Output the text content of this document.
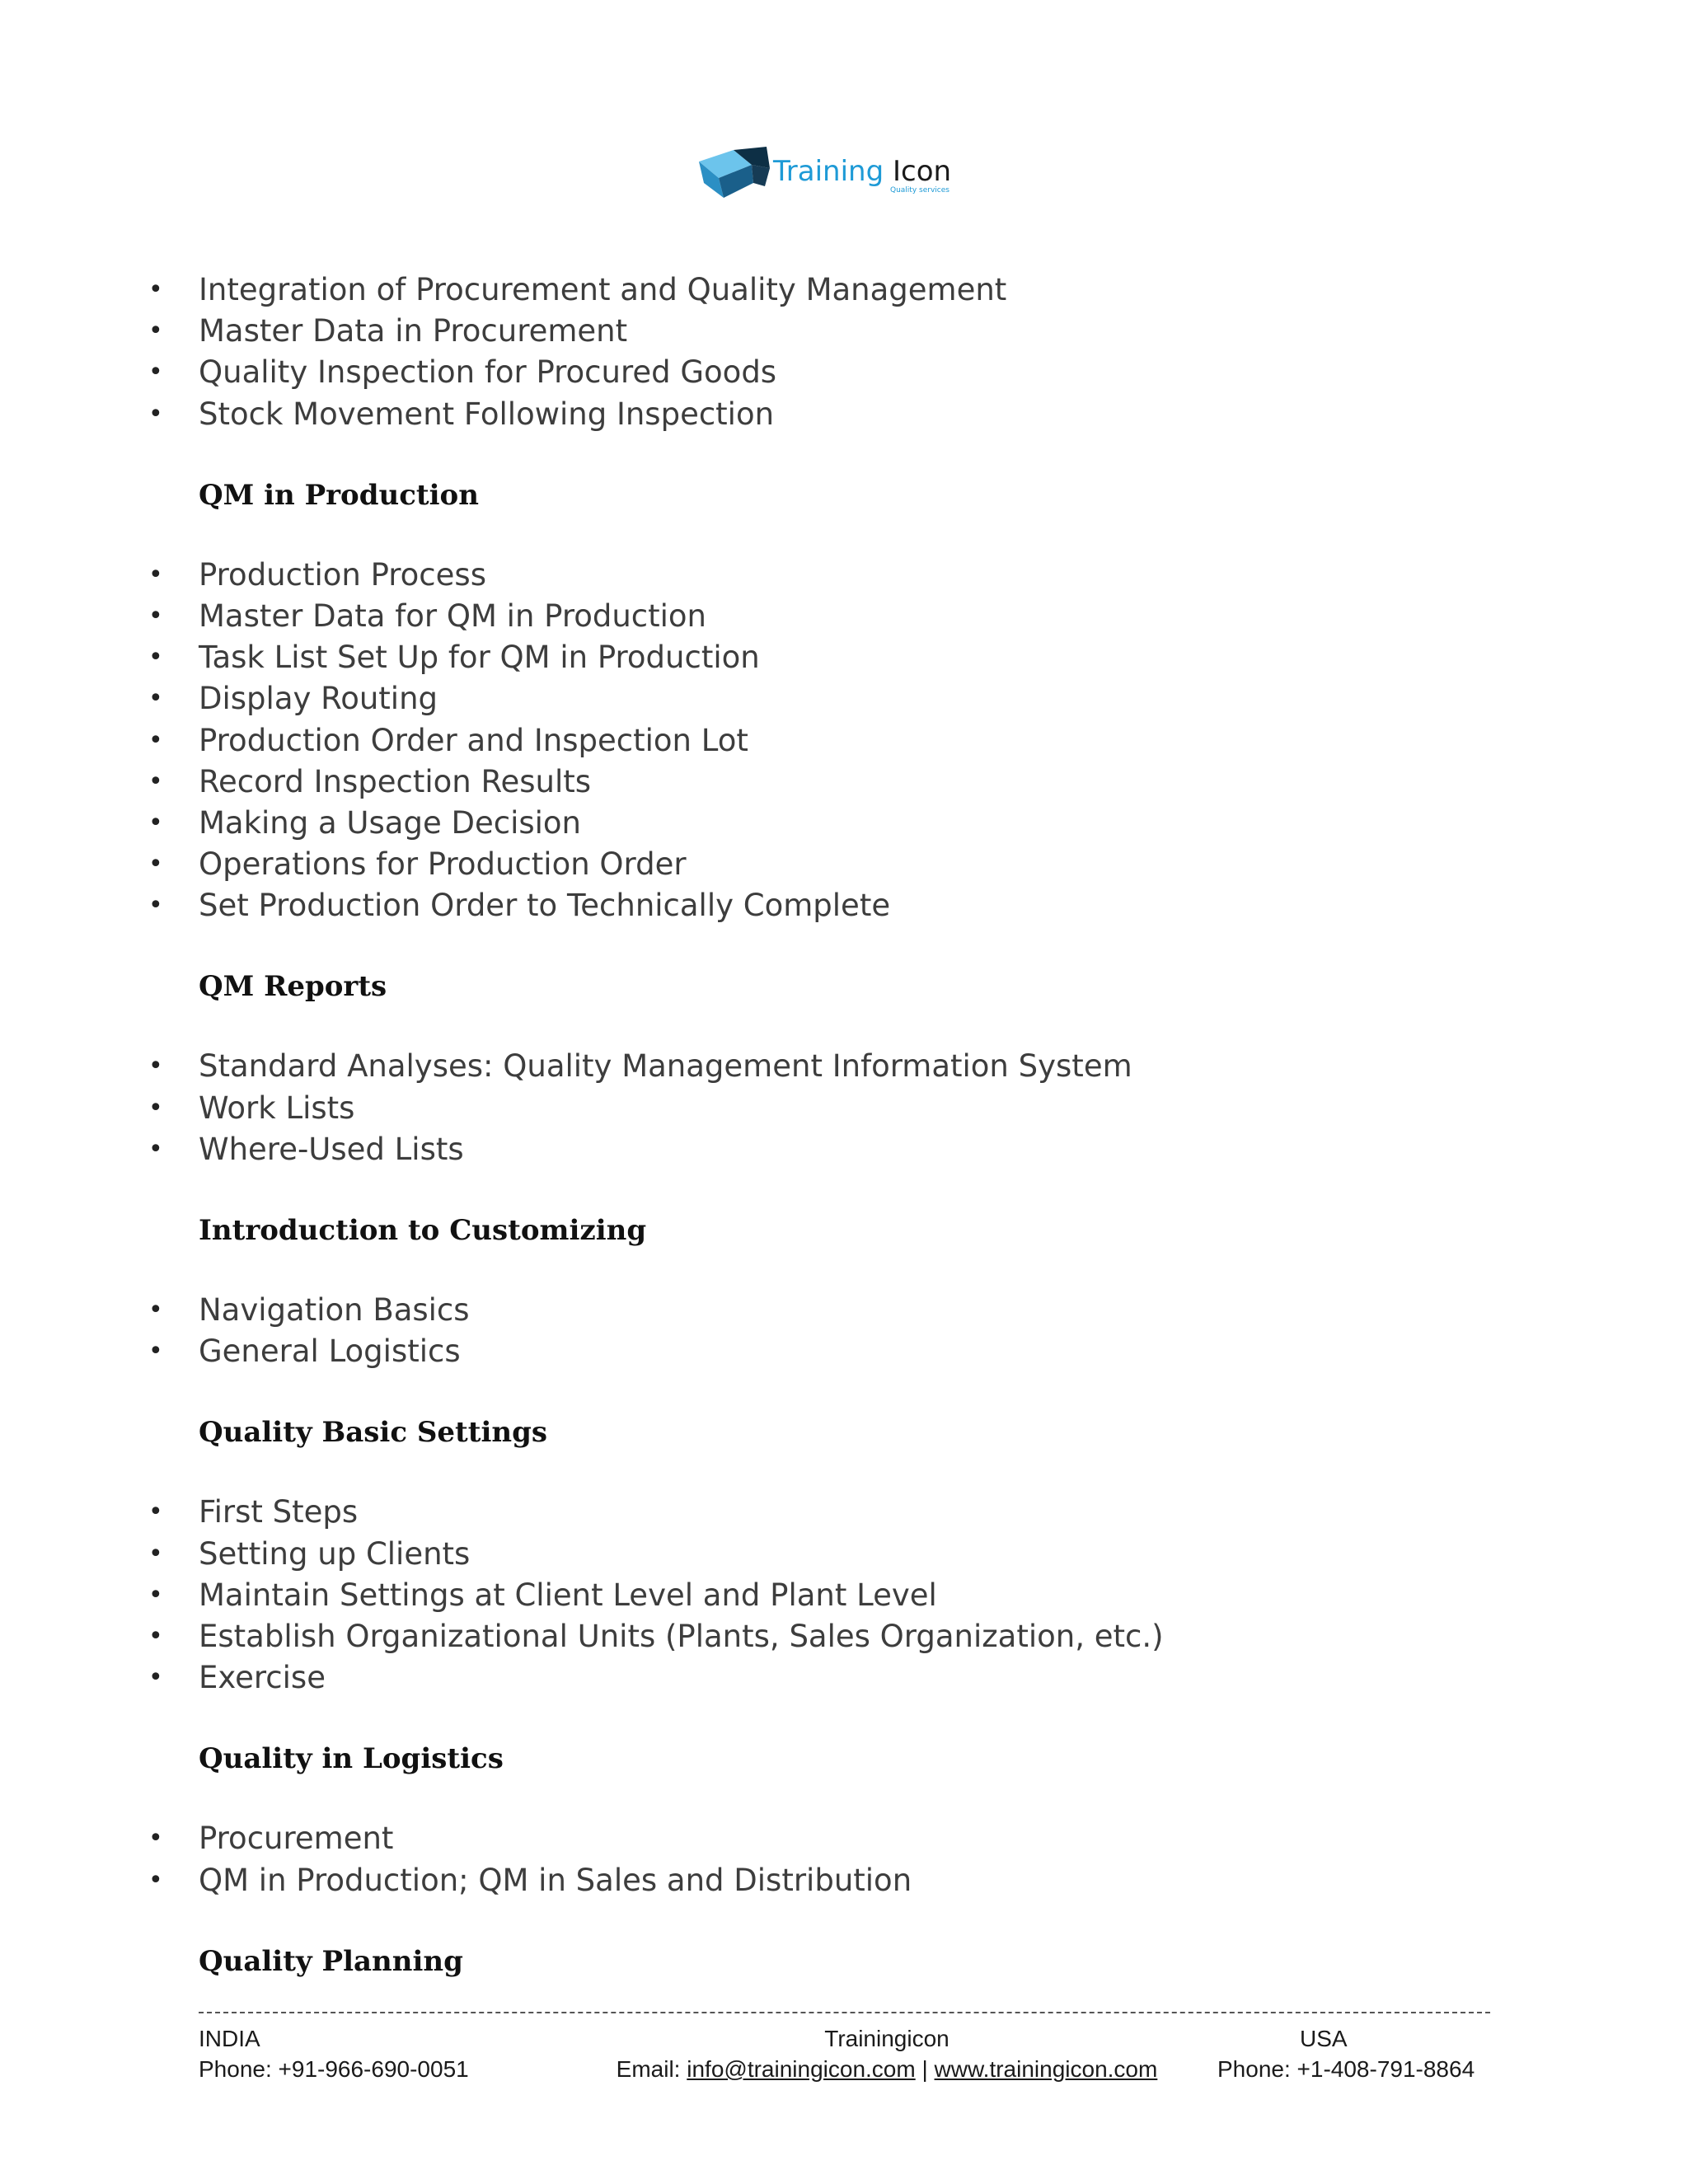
Training Icon
Quality services
• Integration of Procurement and Quality Management
• Master Data in Procurement
• Quality Inspection for Procured Goods
• Stock Movement Following Inspection
QM in Production
• Production Process
• Master Data for QM in Production
• Task List Set Up for QM in Production
• Display Routing
• Production Order and Inspection Lot
• Record Inspection Results
• Making a Usage Decision
• Operations for Production Order
• Set Production Order to Technically Complete
QM Reports
• Standard Analyses: Quality Management Information System
• Work Lists
• Where-Used Lists
Introduction to Customizing
• Navigation Basics
• General Logistics
Quality Basic Settings
• First Steps
• Setting up Clients
• Maintain Settings at Client Level and Plant Level
• Establish Organizational Units (Plants, Sales Organization, etc.)
• Exercise
Quality in Logistics
• Procurement
• QM in Production; QM in Sales and Distribution
Quality Planning
INDIA
Phone: +91-966-690-0051
Trainingicon
Email: info@trainingicon.com | www.trainingicon.com
USA
Phone: +1-408-791-8864
